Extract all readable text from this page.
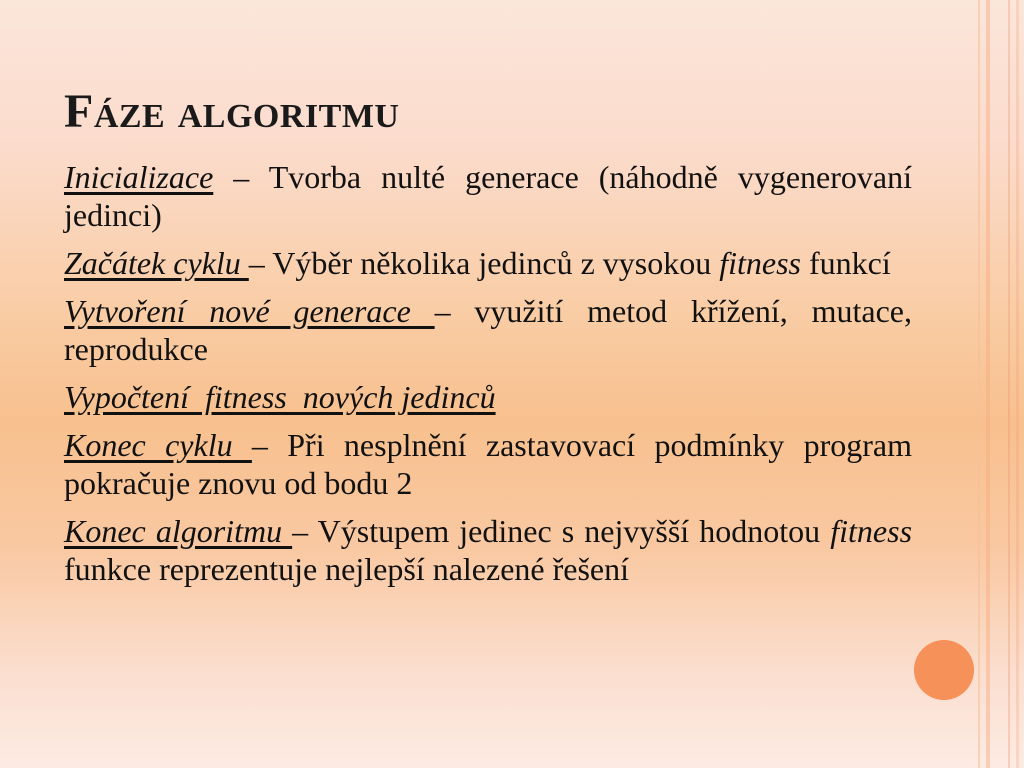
Fáze algoritmu

Inicializace – Tvorba nulté generace (náhodně vygenerovaní jedinci)

Začátek cyklu – Výběr několika jedinců z vysokou fitness funkcí

Vytvoření nové generace – využití metod křížení, mutace, reprodukce

Vypočtení  fitness  nových jedinců

Konec cyklu – Při nesplnění zastavovací podmínky program pokračuje znovu od bodu 2

Konec algoritmu – Výstupem jedinec s nejvyšší hodnotou fitness funkce reprezentuje nejlepší nalezené řešení
